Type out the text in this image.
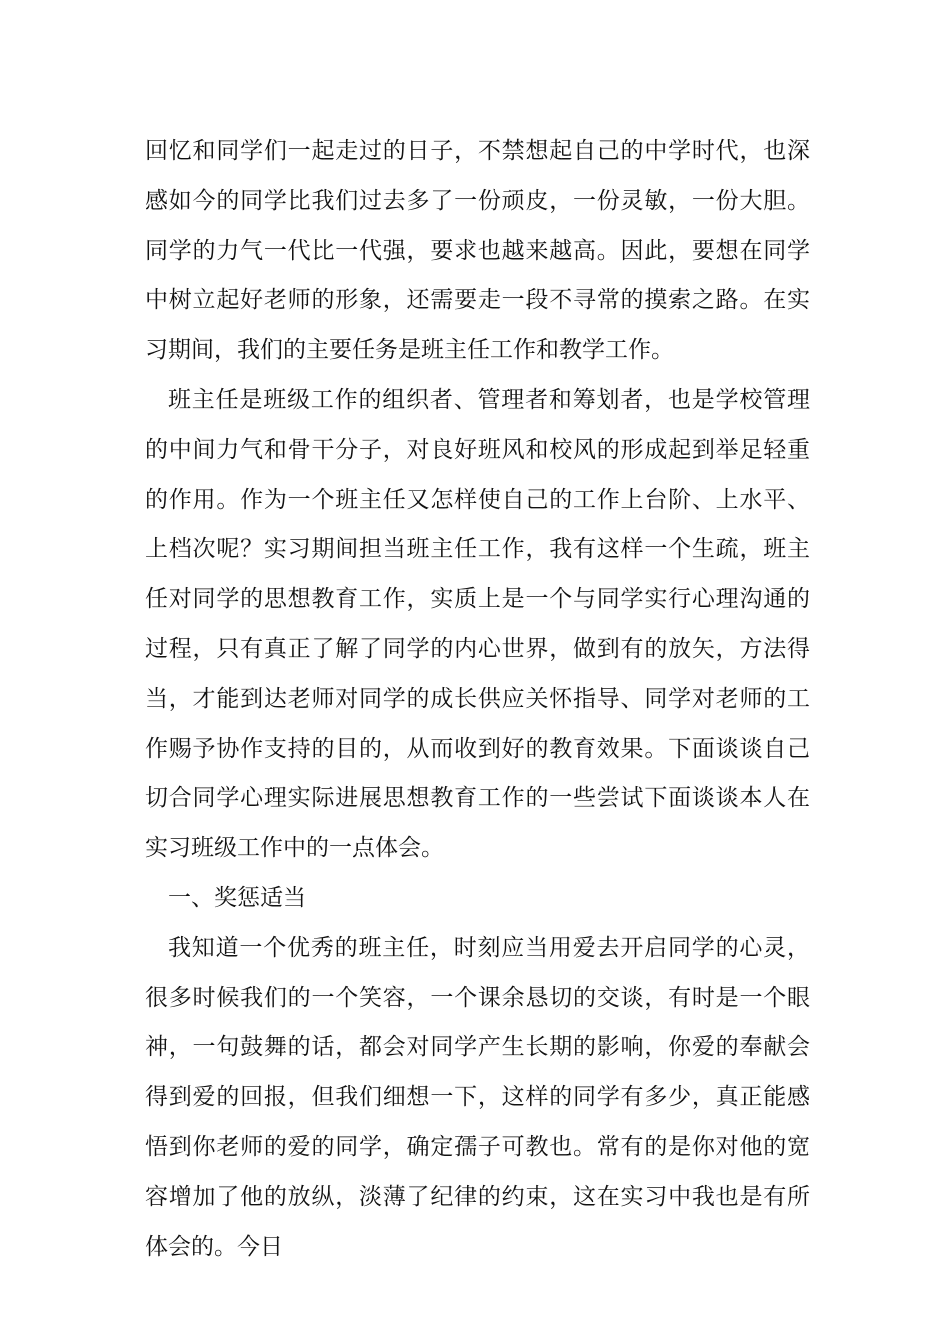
回忆和同学们一起走过的日子，不禁想起自己的中学时代，也深感如今的同学比我们过去多了一份顽皮，一份灵敏，一份大胆。同学的力气一代比一代强，要求也越来越高。因此，要想在同学中树立起好老师的形象，还需要走一段不寻常的摸索之路。在实习期间，我们的主要任务是班主任工作和教学工作。

班主任是班级工作的组织者、管理者和筹划者，也是学校管理的中间力气和骨干分子，对良好班风和校风的形成起到举足轻重的作用。作为一个班主任又怎样使自己的工作上台阶、上水平、上档次呢？实习期间担当班主任工作，我有这样一个生疏，班主任对同学的思想教育工作，实质上是一个与同学实行心理沟通的过程，只有真正了解了同学的内心世界，做到有的放矢，方法得当，才能到达老师对同学的成长供应关怀指导、同学对老师的工作赐予协作支持的目的，从而收到好的教育效果。下面谈谈自己切合同学心理实际进展思想教育工作的一些尝试下面谈谈本人在实习班级工作中的一点体会。

一、奖惩适当

我知道一个优秀的班主任，时刻应当用爱去开启同学的心灵，很多时候我们的一个笑容，一个课余恳切的交谈，有时是一个眼神，一句鼓舞的话，都会对同学产生长期的影响，你爱的奉献会得到爱的回报，但我们细想一下，这样的同学有多少，真正能感悟到你老师的爱的同学，确定孺子可教也。常有的是你对他的宽容增加了他的放纵，淡薄了纪律的约束，这在实习中我也是有所体会的。今日
